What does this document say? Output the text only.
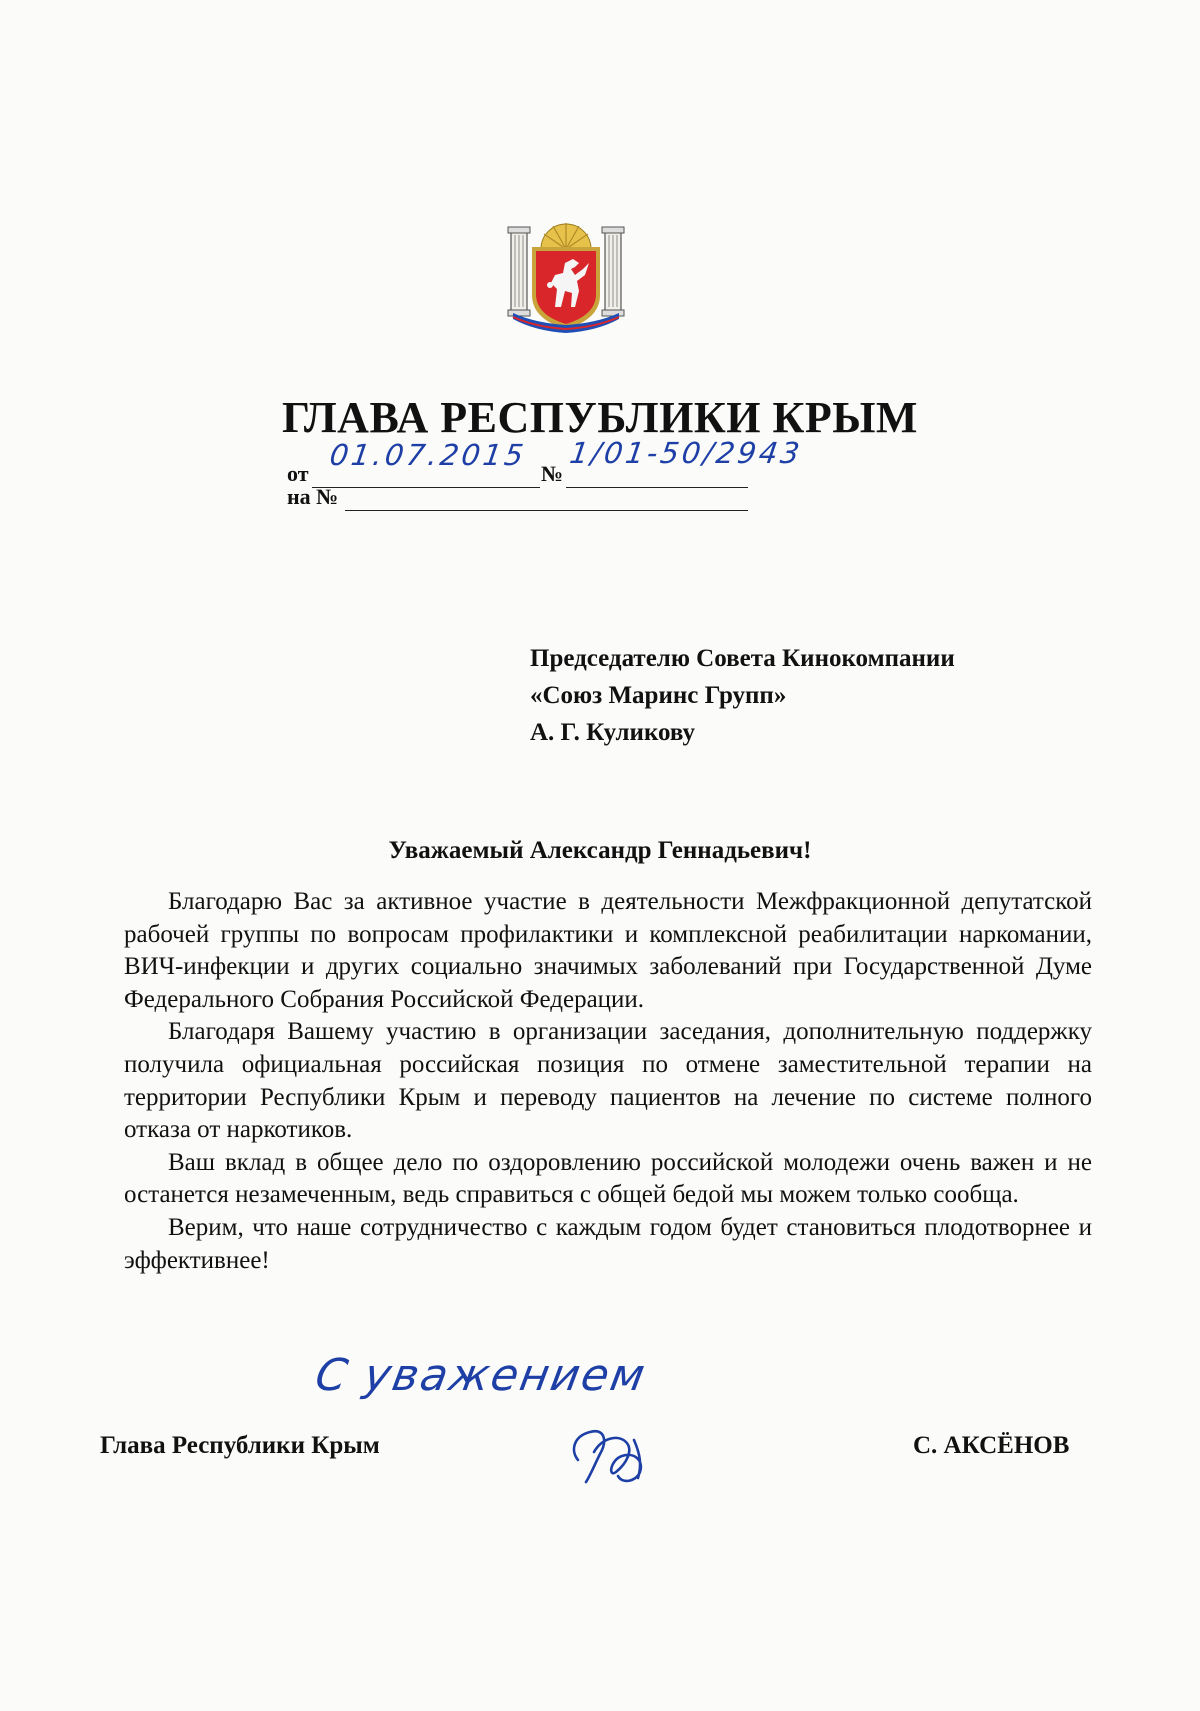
ГЛАВА РЕСПУБЛИКИ КРЫМ
от
01.07.2015
№
1/01-50/2943
на №
Председателю Совета Кинокомпании
«Союз Маринс Групп»
А. Г. Куликову
Уважаемый Александр Геннадьевич!

Благодарю Вас за активное участие в деятельности Межфракционной депутатской рабочей группы по вопросам профилактики и комплексной реабилитации наркомании, ВИЧ-инфекции и других социально значимых заболеваний при Государственной Думе Федерального Собрания Российской Федерации.

Благодаря Вашему участию в организации заседания, дополнительную поддержку получила официальная российская позиция по отмене заместительной терапии на территории Республики Крым и переводу пациентов на лечение по системе полного отказа от наркотиков.

Ваш вклад в общее дело по оздоровлению российской молодежи очень важен и не останется незамеченным, ведь справиться с общей бедой мы можем только сообща.

Верим, что наше сотрудничество с каждым годом будет становиться плодотворнее и эффективнее!

С уважением
Глава Республики Крым	С. АКСЁНОВ
